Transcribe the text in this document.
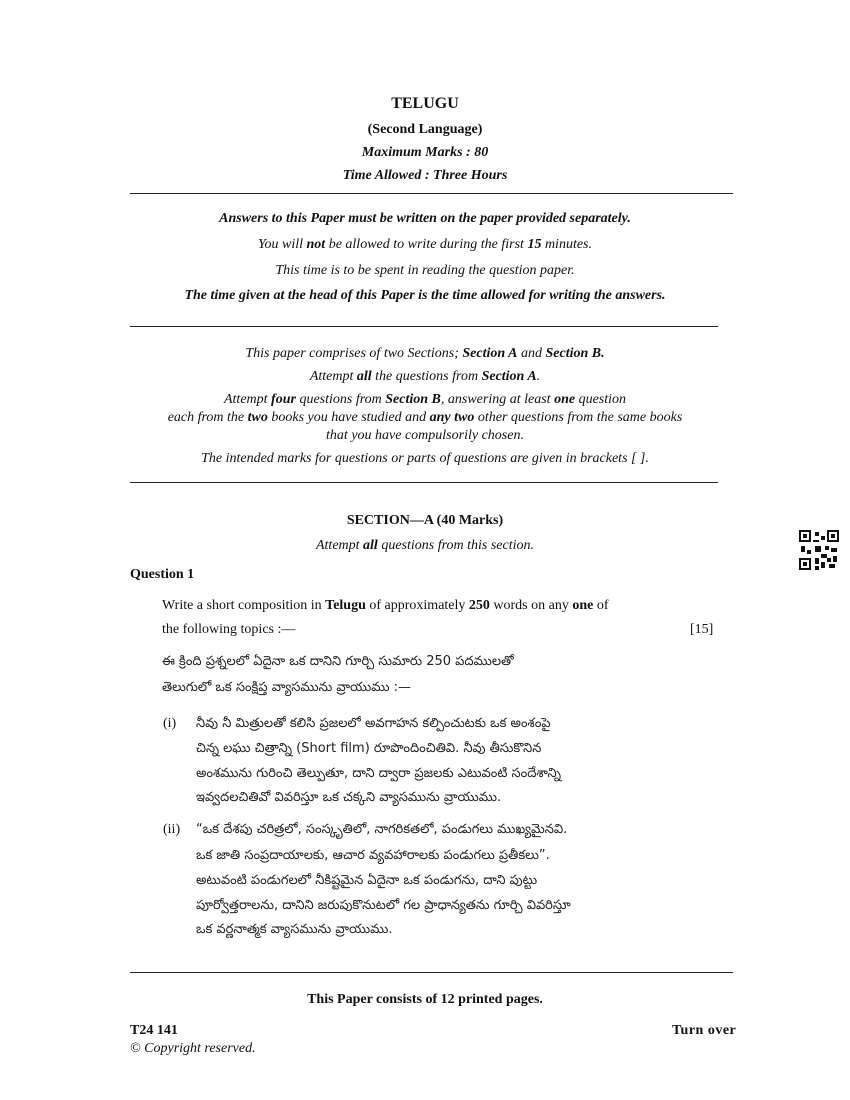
TELUGU
(Second Language)
Maximum Marks : 80
Time Allowed : Three Hours
Answers to this Paper must be written on the paper provided separately.
You will not be allowed to write during the first 15 minutes.
This time is to be spent in reading the question paper.
The time given at the head of this Paper is the time allowed for writing the answers.
This paper comprises of two Sections; Section A and Section B.
Attempt all the questions from Section A.
Attempt four questions from Section B, answering at least one question
each from the two books you have studied and any two other questions from the same books
that you have compulsorily chosen.
The intended marks for questions or parts of questions are given in brackets [ ].
SECTION—A (40 Marks)
Attempt all questions from this section.
Question 1
Write a short composition in Telugu of approximately 250 words on any one of
the following topics :—	[15]
ఈ క్రింది ప్రశ్నలలో ఏదైనా ఒక దానిని గూర్చి సుమారు 250 పదములతో
తెలుగులో ఒక సంక్షిప్త వ్యాసమును వ్రాయుము :—
(i) నీవు నీ మిత్రులతో కలిసి ప్రజలలో అవగాహన కల్పించుటకు ఒక అంశంపై
చిన్న లఘు చిత్రాన్ని (Short film) రూపొందించితివి. నీవు తీసుకొనిన
అంశమును గురించి తెల్పుతూ, దాని ద్వారా ప్రజలకు ఎటువంటి సందేశాన్ని
ఇవ్వదలచితివో వివరిస్తూ ఒక చక్కని వ్యాసమును వ్రాయుము.
(ii) “ఒక దేశపు చరిత్రలో, సంస్కృతిలో, నాగరికతలో, పండుగలు ముఖ్యమైనవి.
ఒక జాతి సంప్రదాయాలకు, ఆచార వ్యవహారాలకు పండుగలు ప్రతీకలు”.
అటువంటి పండుగలలో నీకిష్టమైన ఏదైనా ఒక పండుగను, దాని పుట్టు
పూర్వోత్తరాలను, దానిని జరుపుకొనుటలో గల ప్రాధాన్యతను గూర్చి వివరిస్తూ
ఒక వర్ణనాత్మక వ్యాసమును వ్రాయుము.
This Paper consists of 12 printed pages.
T24 141	Turn over
© Copyright reserved.
